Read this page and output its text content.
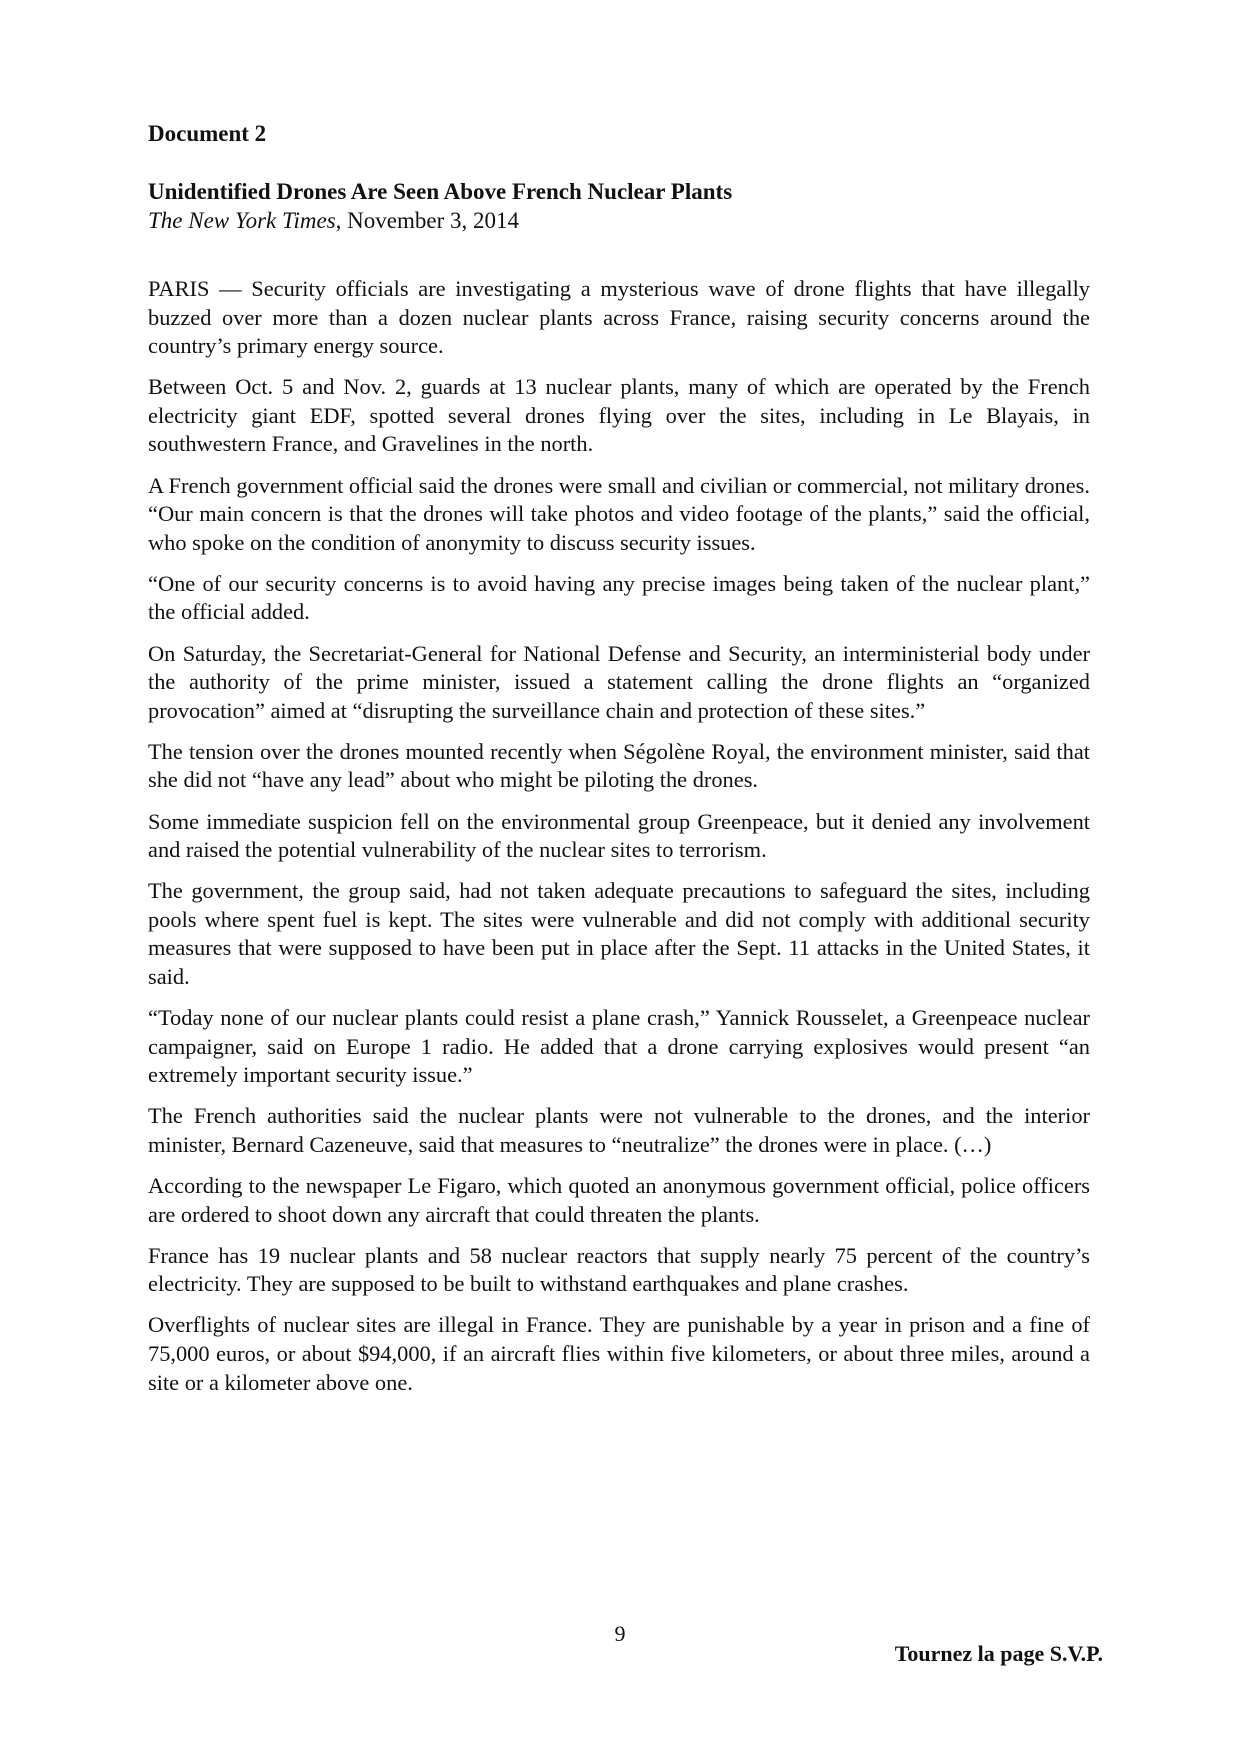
Document 2
Unidentified Drones Are Seen Above French Nuclear Plants
The New York Times, November 3, 2014

PARIS — Security officials are investigating a mysterious wave of drone flights that have illegally buzzed over more than a dozen nuclear plants across France, raising security concerns around the country’s primary energy source.

Between Oct. 5 and Nov. 2, guards at 13 nuclear plants, many of which are operated by the French electricity giant EDF, spotted several drones flying over the sites, including in Le Blayais, in southwestern France, and Gravelines in the north.

A French government official said the drones were small and civilian or commercial, not military drones. “Our main concern is that the drones will take photos and video footage of the plants,” said the official, who spoke on the condition of anonymity to discuss security issues.

“One of our security concerns is to avoid having any precise images being taken of the nuclear plant,” the official added.

On Saturday, the Secretariat-General for National Defense and Security, an interministerial body under the authority of the prime minister, issued a statement calling the drone flights an “organized provocation” aimed at “disrupting the surveillance chain and protection of these sites.”

The tension over the drones mounted recently when Ségolène Royal, the environment minister, said that she did not “have any lead” about who might be piloting the drones.

Some immediate suspicion fell on the environmental group Greenpeace, but it denied any involvement and raised the potential vulnerability of the nuclear sites to terrorism.

The government, the group said, had not taken adequate precautions to safeguard the sites, including pools where spent fuel is kept. The sites were vulnerable and did not comply with additional security measures that were supposed to have been put in place after the Sept. 11 attacks in the United States, it said.

“Today none of our nuclear plants could resist a plane crash,” Yannick Rousselet, a Greenpeace nuclear campaigner, said on Europe 1 radio. He added that a drone carrying explosives would present “an extremely important security issue.”

The French authorities said the nuclear plants were not vulnerable to the drones, and the interior minister, Bernard Cazeneuve, said that measures to “neutralize” the drones were in place. (…)

According to the newspaper Le Figaro, which quoted an anonymous government official, police officers are ordered to shoot down any aircraft that could threaten the plants.

France has 19 nuclear plants and 58 nuclear reactors that supply nearly 75 percent of the country’s electricity. They are supposed to be built to withstand earthquakes and plane crashes.

Overflights of nuclear sites are illegal in France. They are punishable by a year in prison and a fine of 75,000 euros, or about $94,000, if an aircraft flies within five kilometers, or about three miles, around a site or a kilometer above one.

9
Tournez la page S.V.P.
